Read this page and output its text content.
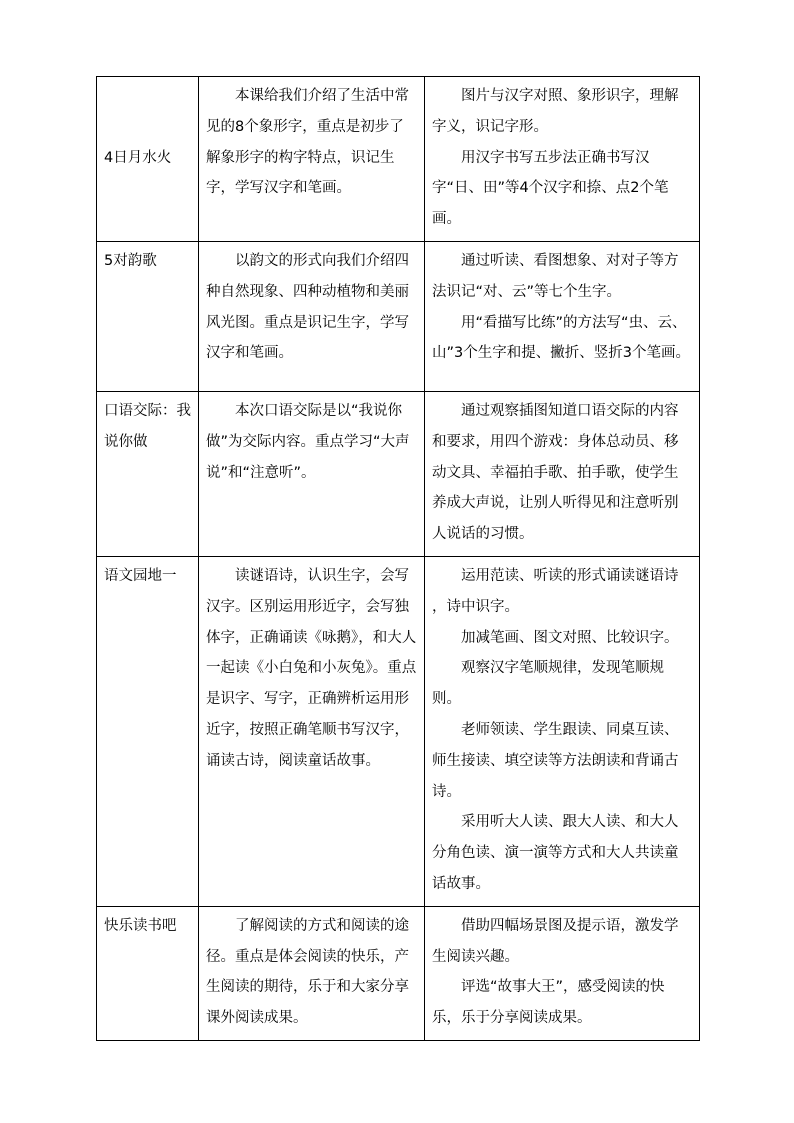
4日月水火	本课给我们介绍了生活中常见的8个象形字，重点是初步了解象形字的构字特点，识记生字，学写汉字和笔画。	图片与汉字对照、象形识字，理解字义，识记字形。

用汉字书写五步法正确书写汉字“日、田”等4个汉字和捺、点2个笔画。

5对韵歌	以韵文的形式向我们介绍四种自然现象、四种动植物和美丽风光图。重点是识记生字，学写汉字和笔画。	通过听读、看图想象、对对子等方法识记“对、云”等七个生字。

用“看描写比练”的方法写“虫、云、山”3个生字和提、撇折、竖折3个笔画。

口语交际：我说你做	本次口语交际是以“我说你做”为交际内容。重点学习“大声说”和“注意听”。	通过观察插图知道口语交际的内容和要求，用四个游戏：身体总动员、移动文具、幸福拍手歌、拍手歌，使学生养成大声说，让别人听得见和注意听别人说话的习惯。

语文园地一	读谜语诗，认识生字，会写汉字。区别运用形近字，会写独体字，正确诵读《咏鹅》，和大人一起读《小白兔和小灰兔》。重点是识字、写字，正确辨析运用形近字，按照正确笔顺书写汉字，诵读古诗，阅读童话故事。	运用范读、听读的形式诵读谜语诗 ，诗中识字。

加减笔画、图文对照、比较识字。

观察汉字笔顺规律，发现笔顺规则。

老师领读、学生跟读、同桌互读、师生接读、填空读等方法朗读和背诵古诗。

采用听大人读、跟大人读、和大人分角色读、演一演等方式和大人共读童话故事。

快乐读书吧	了解阅读的方式和阅读的途径。重点是体会阅读的快乐，产生阅读的期待，乐于和大家分享课外阅读成果。	借助四幅场景图及提示语，激发学生阅读兴趣。

评选“故事大王”，感受阅读的快乐，乐于分享阅读成果。
